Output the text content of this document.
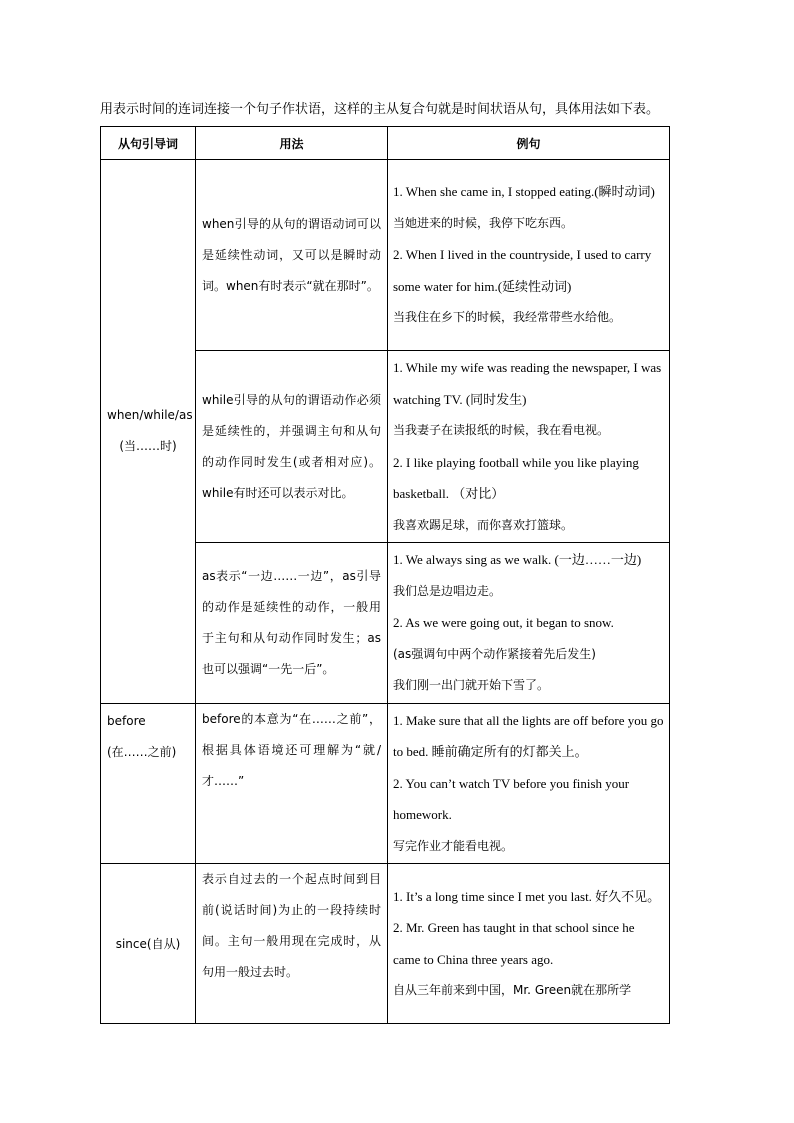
用表示时间的连词连接一个句子作状语，这样的主从复合句就是时间状语从句，具体用法如下表。
从句引导词	用法	例句

when/while/as
(当……时)	when引导的从句的谓语动词可以是延续性动词，又可以是瞬时动词。when有时表示“就在那时”。	1. When she came in, I stopped eating.(瞬时动词)
当她进来的时候，我停下吃东西。
2. When I lived in the countryside, I used to carry some water for him.(延续性动词)
当我住在乡下的时候，我经常带些水给他。

	while引导的从句的谓语动作必须是延续性的，并强调主句和从句的动作同时发生(或者相对应)。while有时还可以表示对比。	1. While my wife was reading the newspaper, I was watching TV. (同时发生)
当我妻子在读报纸的时候，我在看电视。
2. I like playing football while you like playing basketball. （对比）
我喜欢踢足球，而你喜欢打篮球。

	as表示“一边……一边”，as引导的动作是延续性的动作，一般用于主句和从句动作同时发生；as也可以强调“一先一后”。	1. We always sing as we walk. (一边……一边)
我们总是边唱边走。
2. As we were going out, it began to snow.
(as强调句中两个动作紧接着先后发生)
我们刚一出门就开始下雪了。

before
(在……之前)	before的本意为“在……之前”，根据具体语境还可理解为“就/才……”	1. Make sure that all the lights are off before you go to bed. 睡前确定所有的灯都关上。
2. You can’t watch TV before you finish your homework.
写完作业才能看电视。

since(自从)	表示自过去的一个起点时间到目前(说话时间)为止的一段持续时间。主句一般用现在完成时，从句用一般过去时。	1. It’s a long time since I met you last. 好久不见。
2. Mr. Green has taught in that school since he came to China three years ago.
自从三年前来到中国，Mr. Green就在那所学
